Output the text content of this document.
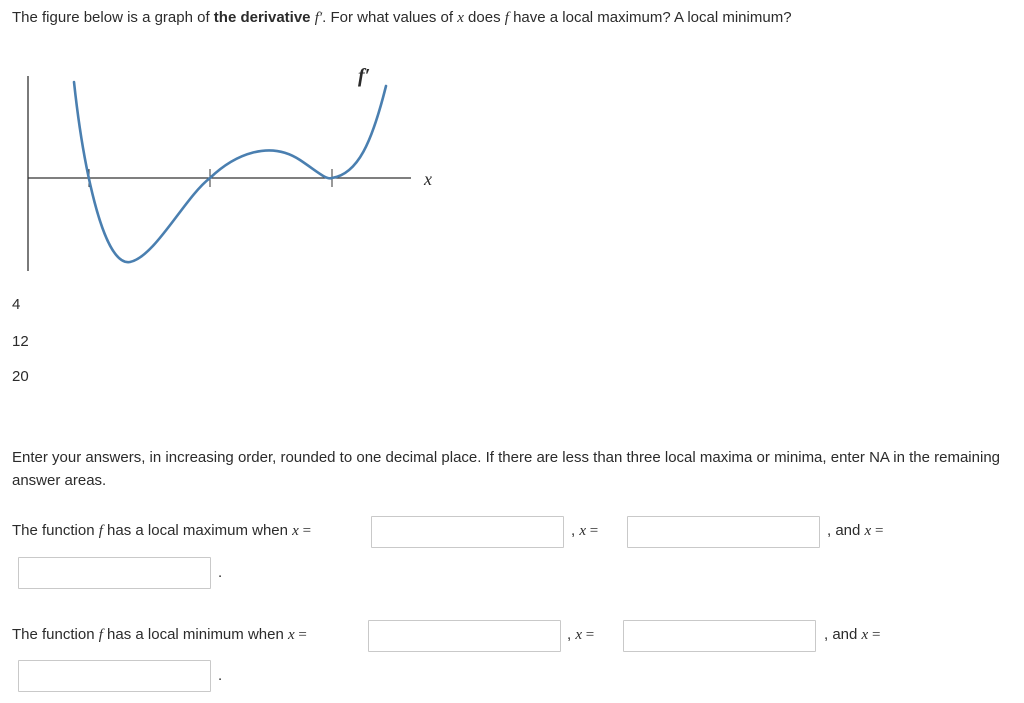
The figure below is a graph of the derivative f′. For what values of x does f have a local maximum? A local minimum?
f′
x
4
12
20
Enter your answers, in increasing order, rounded to one decimal place. If there are less than three local maxima or minima, enter NA in the remaining answer areas.
The function f has a local maximum when x =	, x =	, and x =
.
The function f has a local minimum when x =	, x =	, and x =
.
